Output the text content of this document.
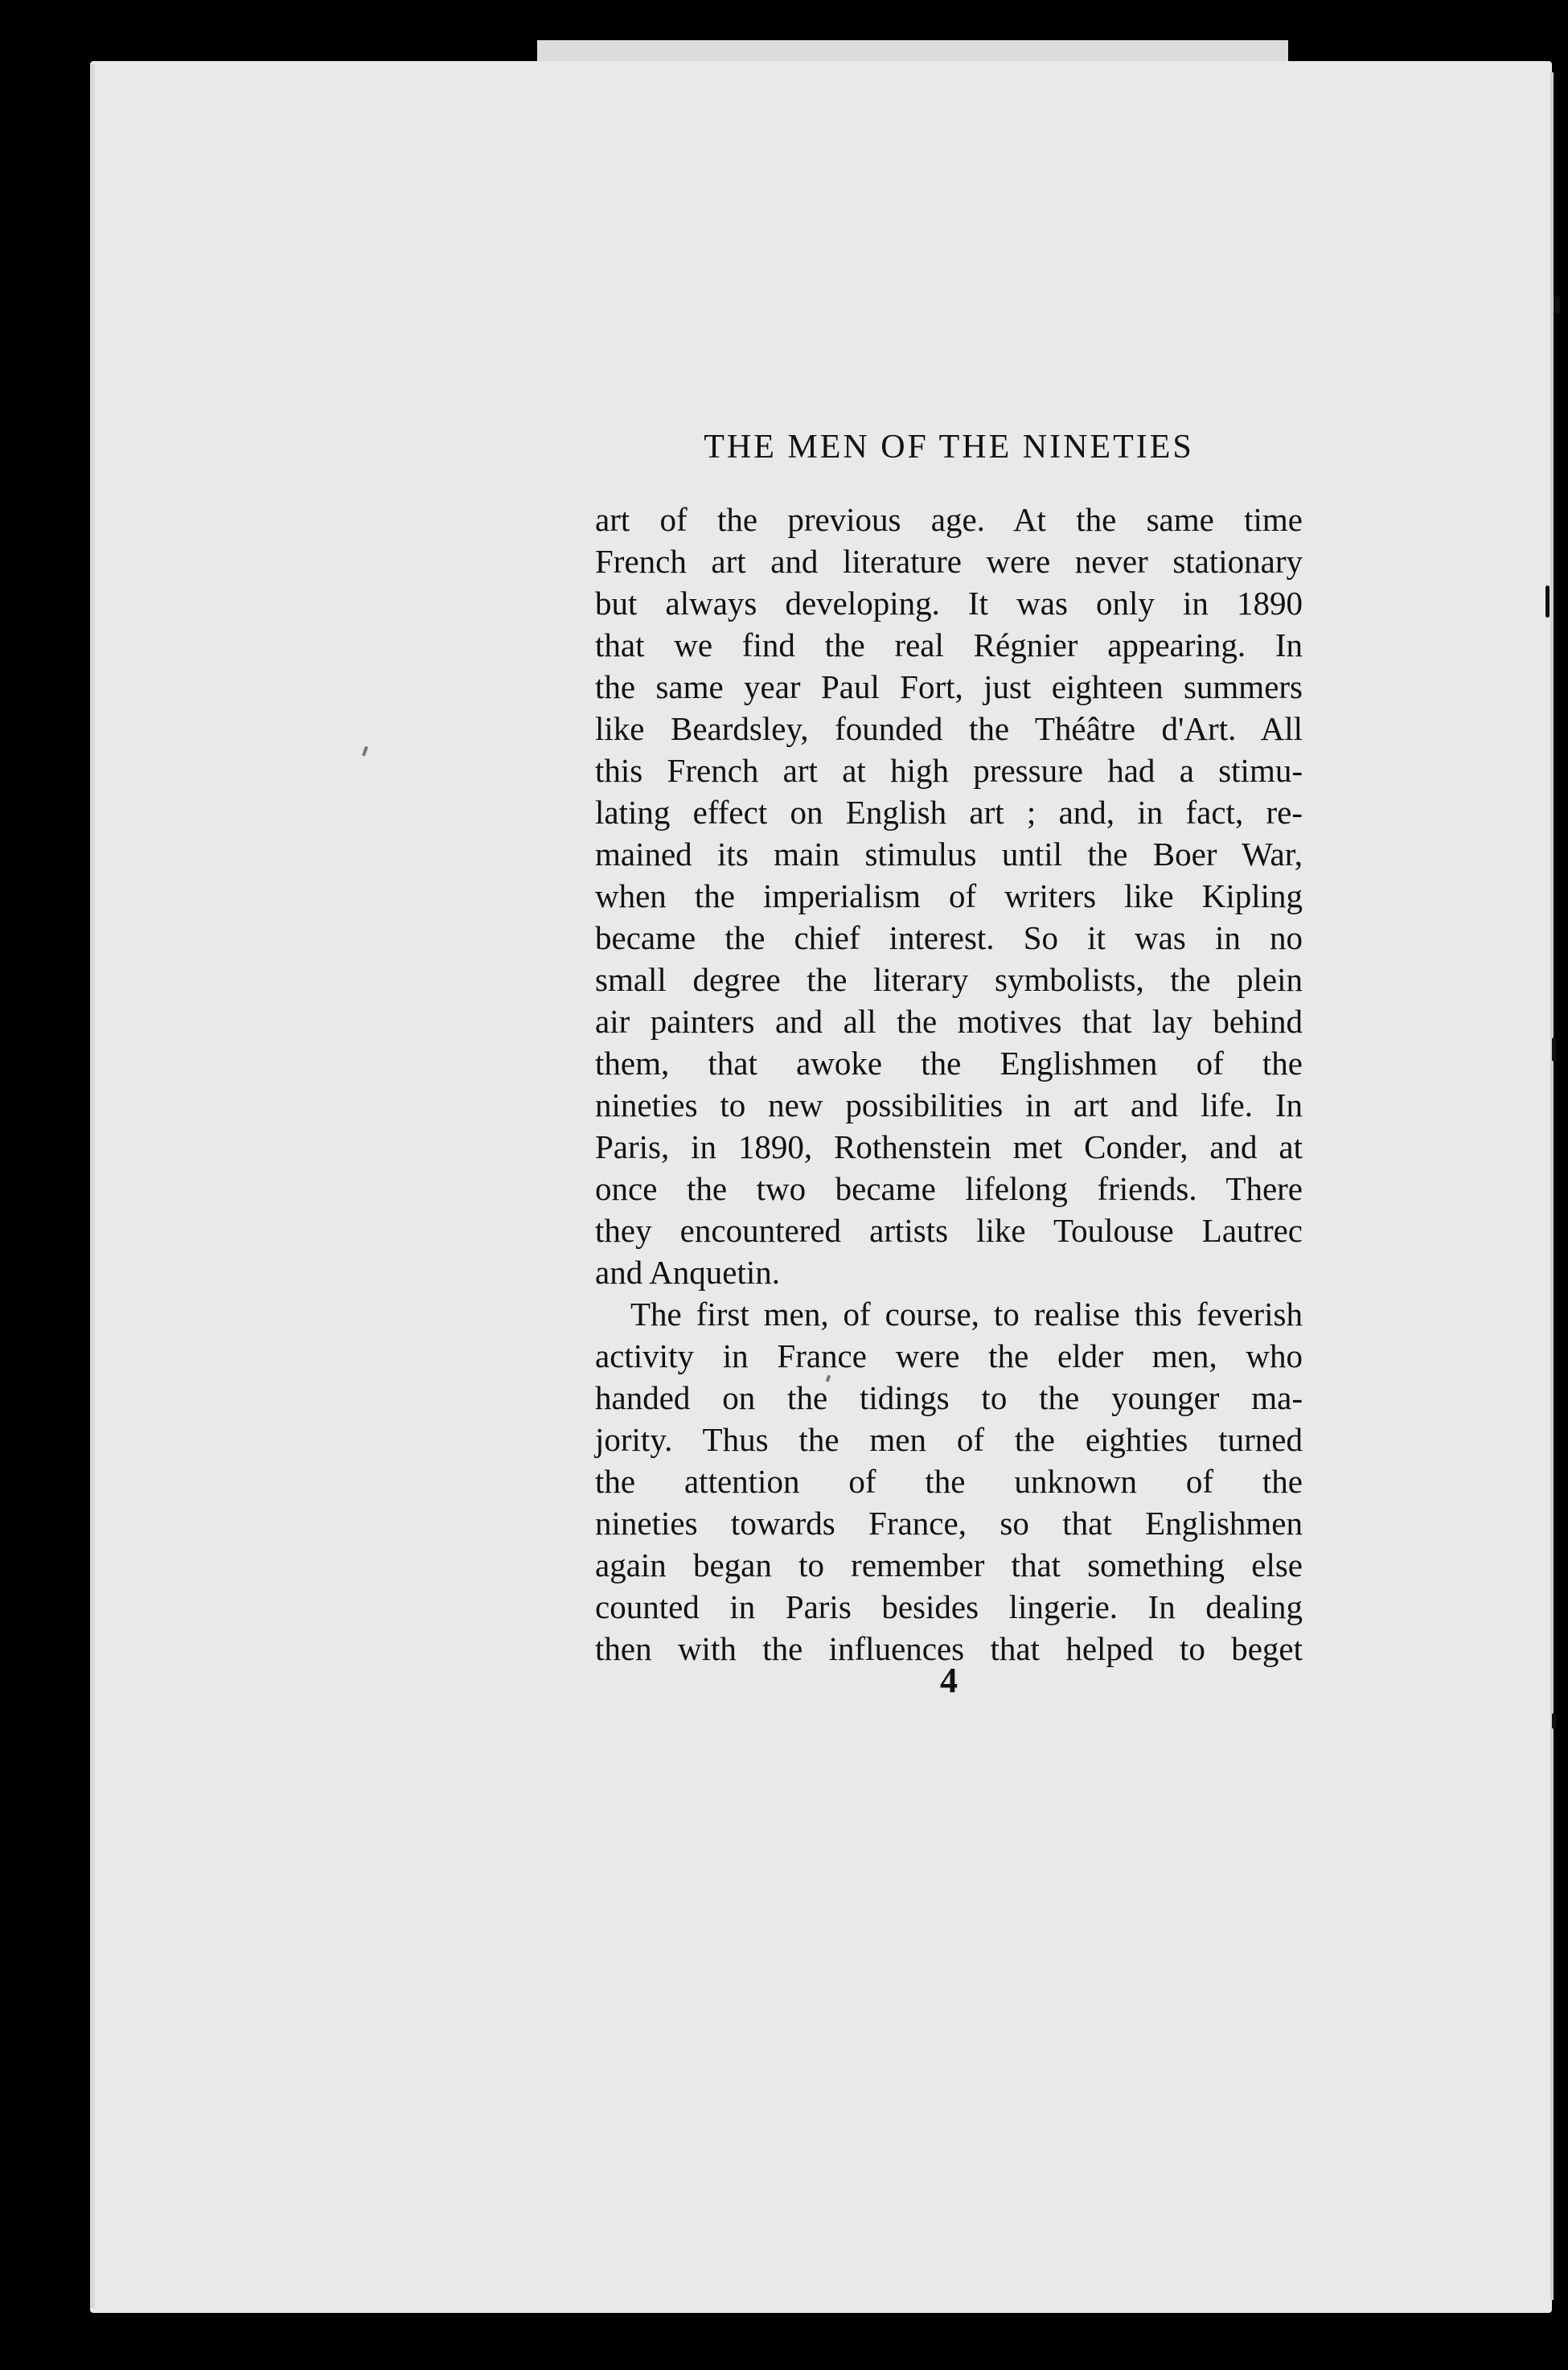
THE MEN OF THE NINETIES
art of the previous age. At the same time
French art and literature were never stationary
but always developing. It was only in 1890
that we find the real Régnier appearing. In
the same year Paul Fort, just eighteen summers
like Beardsley, founded the Théâtre d'Art. All
this French art at high pressure had a stimu-
lating effect on English art ; and, in fact, re-
mained its main stimulus until the Boer War,
when the imperialism of writers like Kipling
became the chief interest. So it was in no
small degree the literary symbolists, the plein
air painters and all the motives that lay behind
them, that awoke the Englishmen of the
nineties to new possibilities in art and life. In
Paris, in 1890, Rothenstein met Conder, and at
once the two became lifelong friends. There
they encountered artists like Toulouse Lautrec
and Anquetin.
The first men, of course, to realise this feverish
activity in France were the elder men, who
handed on the tidings to the younger ma-
jority. Thus the men of the eighties turned
the attention of the unknown of the
nineties towards France, so that Englishmen
again began to remember that something else
counted in Paris besides lingerie. In dealing
then with the influences that helped to beget

4
